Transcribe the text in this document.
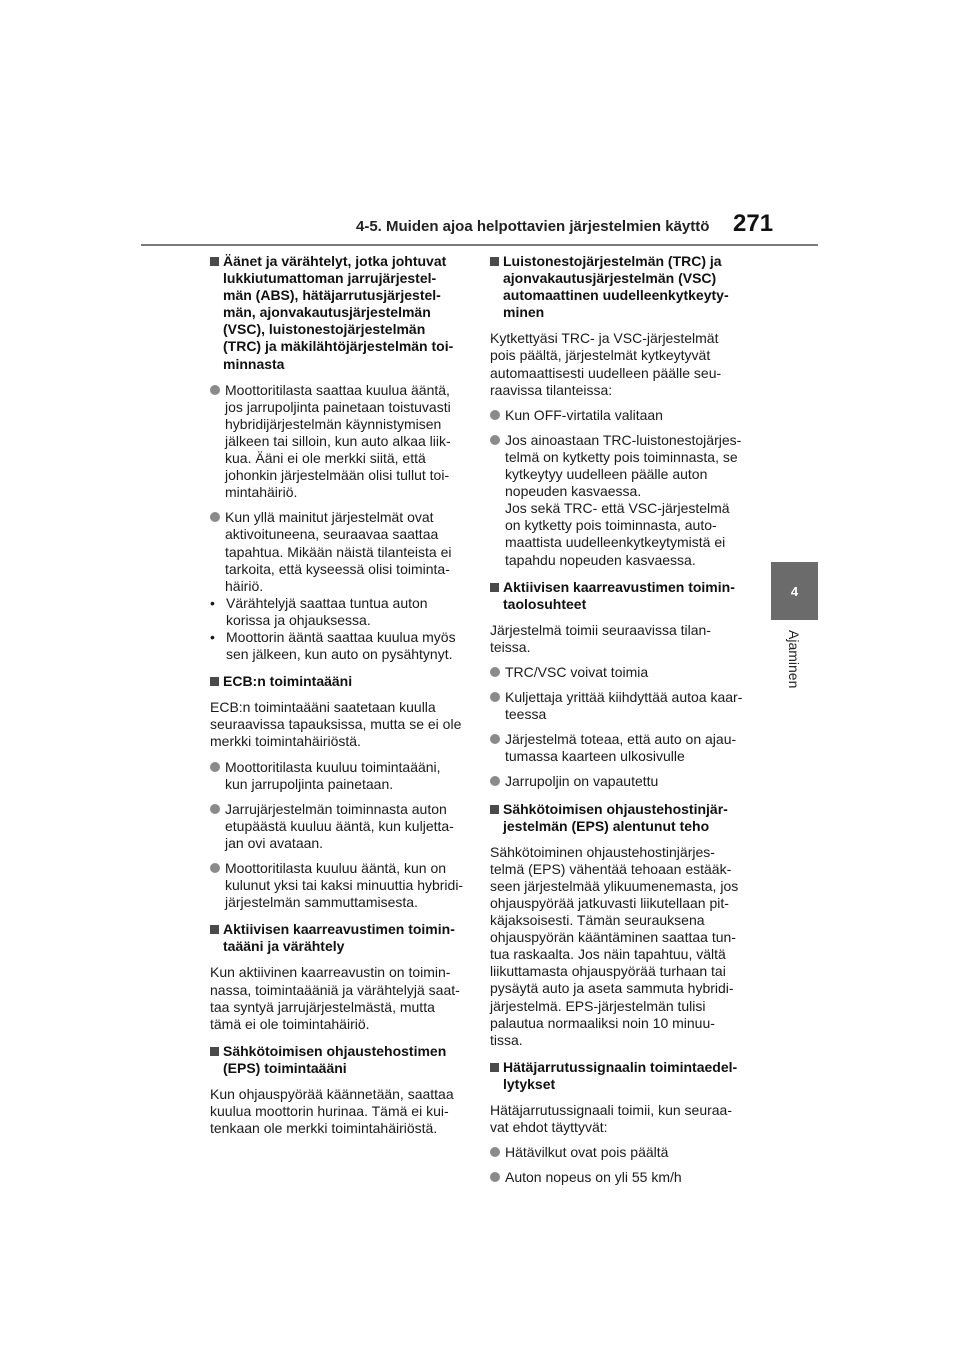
4-5. Muiden ajoa helpottavien järjestelmien käyttö 271
4
Ajaminen
Äänet ja värähtelyt, jotka johtuvat
lukkiutumattoman jarrujärjestel-
män (ABS), hätäjarrutusjärjestel-
män, ajonvakautusjärjestelmän
(VSC), luistonestojärjestelmän
(TRC) ja mäkilähtöjärjestelmän toi-
minnasta
Moottoritilasta saattaa kuulua ääntä,
jos jarrupoljinta painetaan toistuvasti
hybridijärjestelmän käynnistymisen
jälkeen tai silloin, kun auto alkaa liik-
kua. Ääni ei ole merkki siitä, että
johonkin järjestelmään olisi tullut toi-
mintahäiriö.
Kun yllä mainitut järjestelmät ovat
aktivoituneena, seuraavaa saattaa
tapahtua. Mikään näistä tilanteista ei
tarkoita, että kyseessä olisi toiminta-
häiriö.
• Värähtelyjä saattaa tuntua auton
korissa ja ohjauksessa.
• Moottorin ääntä saattaa kuulua myös
sen jälkeen, kun auto on pysähtynyt.
ECB:n toimintaääni
ECB:n toimintaääni saatetaan kuulla
seuraavissa tapauksissa, mutta se ei ole
merkki toimintahäiriöstä.
Moottoritilasta kuuluu toimintaääni,
kun jarrupoljinta painetaan.
Jarrujärjestelmän toiminnasta auton
etupäästä kuuluu ääntä, kun kuljetta-
jan ovi avataan.
Moottoritilasta kuuluu ääntä, kun on
kulunut yksi tai kaksi minuuttia hybridi-
järjestelmän sammuttamisesta.
Aktiivisen kaarreavustimen toimin-
taääni ja värähtely
Kun aktiivinen kaarreavustin on toimin-
nassa, toimintaääniä ja värähtelyjä saat-
taa syntyä jarrujärjestelmästä, mutta
tämä ei ole toimintahäiriö.
Sähkötoimisen ohjaustehostimen
(EPS) toimintaääni
Kun ohjauspyörää käännetään, saattaa
kuulua moottorin hurinaa. Tämä ei kui-
tenkaan ole merkki toimintahäiriöstä.
Luistonestojärjestelmän (TRC) ja
ajonvakautusjärjestelmän (VSC)
automaattinen uudelleenkytkeyty-
minen
Kytkettyäsi TRC- ja VSC-järjestelmät
pois päältä, järjestelmät kytkeytyvät
automaattisesti uudelleen päälle seu-
raavissa tilanteissa:
Kun OFF-virtatila valitaan
Jos ainoastaan TRC-luistonestojärjes-
telmä on kytketty pois toiminnasta, se
kytkeytyy uudelleen päälle auton
nopeuden kasvaessa.
Jos sekä TRC- että VSC-järjestelmä
on kytketty pois toiminnasta, auto-
maattista uudelleenkytkeytymistä ei
tapahdu nopeuden kasvaessa.
Aktiivisen kaarreavustimen toimin-
taolosuhteet
Järjestelmä toimii seuraavissa tilan-
teissa.
TRC/VSC voivat toimia
Kuljettaja yrittää kiihdyttää autoa kaar-
teessa
Järjestelmä toteaa, että auto on ajau-
tumassa kaarteen ulkosivulle
Jarrupoljin on vapautettu
Sähkötoimisen ohjaustehostinjär-
jestelmän (EPS) alentunut teho
Sähkötoiminen ohjaustehostinjärjes-
telmä (EPS) vähentää tehoaan estääk-
seen järjestelmää ylikuumenemasta, jos
ohjauspyörää jatkuvasti liikutellaan pit-
käjaksoisesti. Tämän seurauksena
ohjauspyörän kääntäminen saattaa tun-
tua raskaalta. Jos näin tapahtuu, vältä
liikuttamasta ohjauspyörää turhaan tai
pysäytä auto ja aseta sammuta hybridi-
järjestelmä. EPS-järjestelmän tulisi
palautua normaaliksi noin 10 minuu-
tissa.
Hätäjarrutussignaalin toimintaedel-
lytykset
Hätäjarrutussignaali toimii, kun seuraa-
vat ehdot täyttyvät:
Hätävilkut ovat pois päältä
Auton nopeus on yli 55 km/h
